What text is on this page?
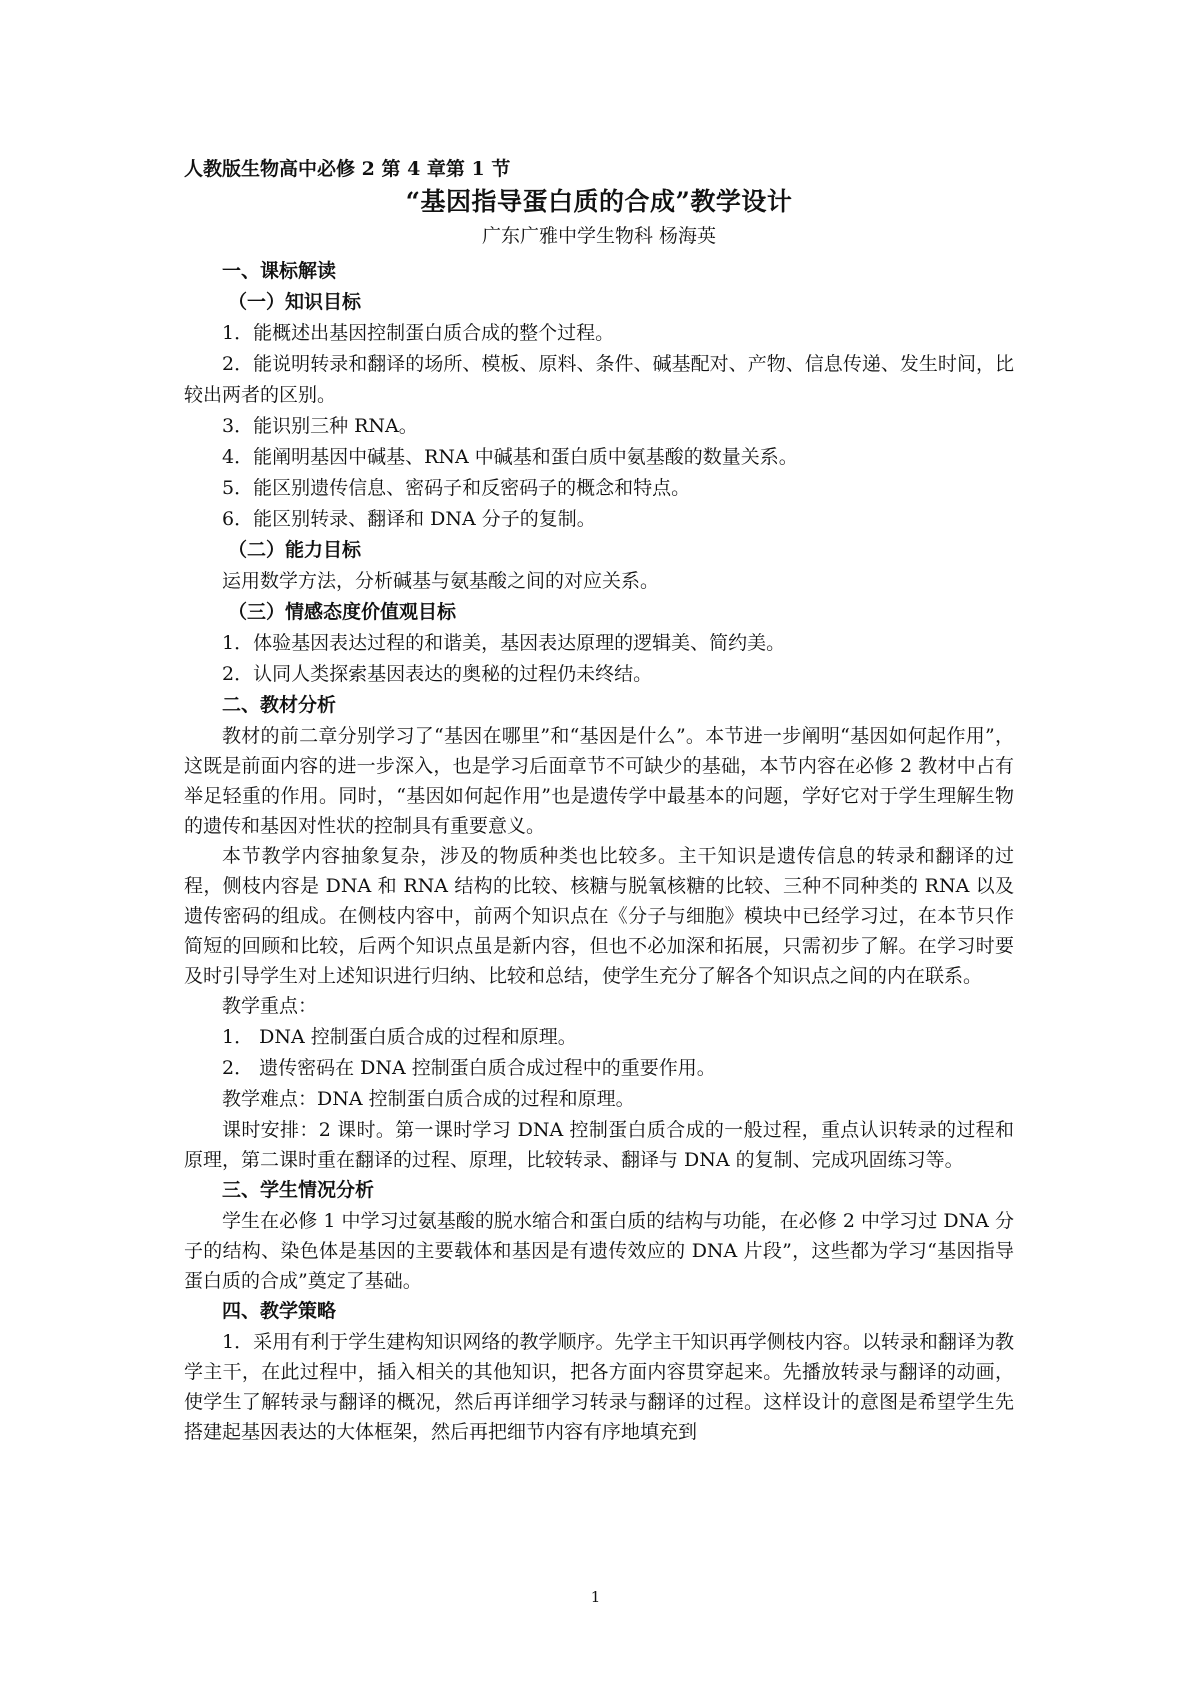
人教版生物高中必修 2 第 4 章第 1 节

“基因指导蛋白质的合成”教学设计

广东广雅中学生物科 杨海英

一、课标解读

（一）知识目标

1．能概述出基因控制蛋白质合成的整个过程。

2．能说明转录和翻译的场所、模板、原料、条件、碱基配对、产物、信息传递、发生时间，比较出两者的区别。

3．能识别三种 RNA。

4．能阐明基因中碱基、RNA 中碱基和蛋白质中氨基酸的数量关系。

5．能区别遗传信息、密码子和反密码子的概念和特点。

6．能区别转录、翻译和 DNA 分子的复制。

（二）能力目标

运用数学方法，分析碱基与氨基酸之间的对应关系。

（三）情感态度价值观目标

1．体验基因表达过程的和谐美，基因表达原理的逻辑美、简约美。

2．认同人类探索基因表达的奥秘的过程仍未终结。

二、教材分析

教材的前二章分别学习了“基因在哪里”和“基因是什么”。本节进一步阐明“基因如何起作用”，这既是前面内容的进一步深入，也是学习后面章节不可缺少的基础，本节内容在必修 2 教材中占有举足轻重的作用。同时，“基因如何起作用”也是遗传学中最基本的问题，学好它对于学生理解生物的遗传和基因对性状的控制具有重要意义。

本节教学内容抽象复杂，涉及的物质种类也比较多。主干知识是遗传信息的转录和翻译的过程，侧枝内容是 DNA 和 RNA 结构的比较、核糖与脱氧核糖的比较、三种不同种类的 RNA 以及遗传密码的组成。在侧枝内容中，前两个知识点在《分子与细胞》模块中已经学习过，在本节只作简短的回顾和比较，后两个知识点虽是新内容，但也不必加深和拓展，只需初步了解。在学习时要及时引导学生对上述知识进行归纳、比较和总结，使学生充分了解各个知识点之间的内在联系。

教学重点：

1． DNA 控制蛋白质合成的过程和原理。

2． 遗传密码在 DNA 控制蛋白质合成过程中的重要作用。

教学难点：DNA 控制蛋白质合成的过程和原理。

课时安排：2 课时。第一课时学习 DNA 控制蛋白质合成的一般过程，重点认识转录的过程和原理，第二课时重在翻译的过程、原理，比较转录、翻译与 DNA 的复制、完成巩固练习等。

三、学生情况分析

学生在必修 1 中学习过氨基酸的脱水缩合和蛋白质的结构与功能，在必修 2 中学习过 DNA 分子的结构、染色体是基因的主要载体和基因是有遗传效应的 DNA 片段”，这些都为学习“基因指导蛋白质的合成”奠定了基础。

四、教学策略

1．采用有利于学生建构知识网络的教学顺序。先学主干知识再学侧枝内容。以转录和翻译为教学主干，在此过程中，插入相关的其他知识，把各方面内容贯穿起来。先播放转录与翻译的动画，使学生了解转录与翻译的概况，然后再详细学习转录与翻译的过程。这样设计的意图是希望学生先搭建起基因表达的大体框架，然后再把细节内容有序地填充到

1
